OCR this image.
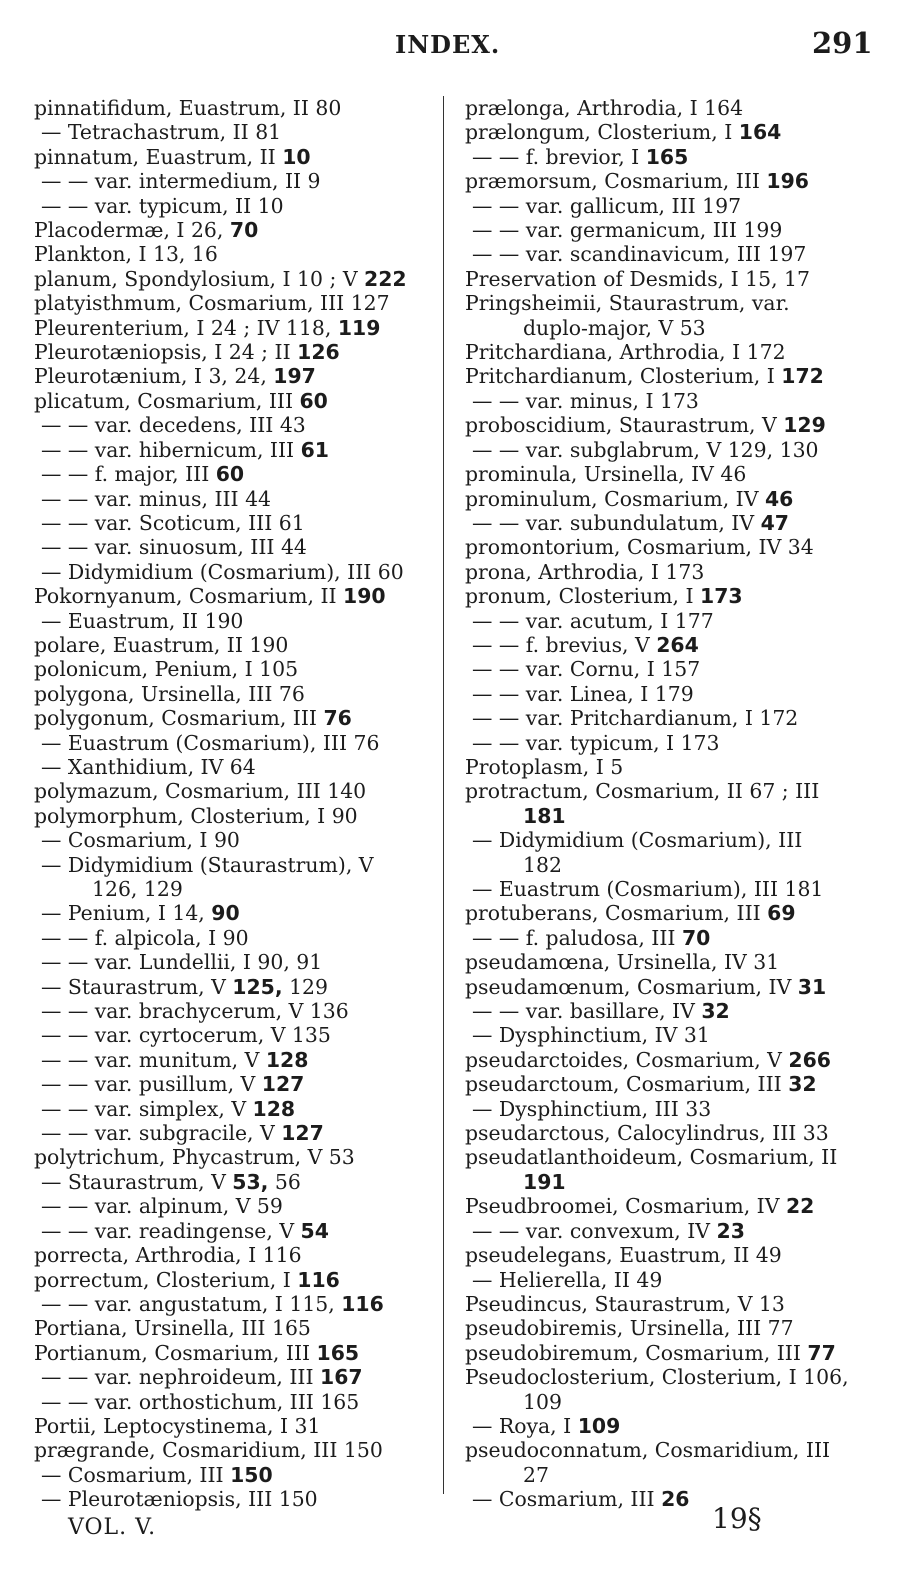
INDEX.	291
pinnatifidum, Euastrum, II 80
— Tetrachastrum, II 81
pinnatum, Euastrum, II 10
— — var. intermedium, II 9
— — var. typicum, II 10
Placodermæ, I 26, 70
Plankton, I 13, 16
planum, Spondylosium, I 10 ; V 222
platyisthmum, Cosmarium, III 127
Pleurenterium, I 24 ; IV 118, 119
Pleurotæniopsis, I 24 ; II 126
Pleurotænium, I 3, 24, 197
plicatum, Cosmarium, III 60
— — var. decedens, III 43
— — var. hibernicum, III 61
— — f. major, III 60
— — var. minus, III 44
— — var. Scoticum, III 61
— — var. sinuosum, III 44
— Didymidium (Cosmarium), III 60
Pokornyanum, Cosmarium, II 190
— Euastrum, II 190
polare, Euastrum, II 190
polonicum, Penium, I 105
polygona, Ursinella, III 76
polygonum, Cosmarium, III 76
— Euastrum (Cosmarium), III 76
— Xanthidium, IV 64
polymazum, Cosmarium, III 140
polymorphum, Closterium, I 90
— Cosmarium, I 90
— Didymidium (Staurastrum), V
126, 129
— Penium, I 14, 90
— — f. alpicola, I 90
— — var. Lundellii, I 90, 91
— Staurastrum, V 125, 129
— — var. brachycerum, V 136
— — var. cyrtocerum, V 135
— — var. munitum, V 128
— — var. pusillum, V 127
— — var. simplex, V 128
— — var. subgracile, V 127
polytrichum, Phycastrum, V 53
— Staurastrum, V 53, 56
— — var. alpinum, V 59
— — var. readingense, V 54
porrecta, Arthrodia, I 116
porrectum, Closterium, I 116
— — var. angustatum, I 115, 116
Portiana, Ursinella, III 165
Portianum, Cosmarium, III 165
— — var. nephroideum, III 167
— — var. orthostichum, III 165
Portii, Leptocystinema, I 31
prægrande, Cosmaridium, III 150
— Cosmarium, III 150
— Pleurotæniopsis, III 150
prælonga, Arthrodia, I 164
prælongum, Closterium, I 164
— — f. brevior, I 165
præmorsum, Cosmarium, III 196
— — var. gallicum, III 197
— — var. germanicum, III 199
— — var. scandinavicum, III 197
Preservation of Desmids, I 15, 17
Pringsheimii, Staurastrum, var.
duplo-major, V 53
Pritchardiana, Arthrodia, I 172
Pritchardianum, Closterium, I 172
— — var. minus, I 173
proboscidium, Staurastrum, V 129
— — var. subglabrum, V 129, 130
prominula, Ursinella, IV 46
prominulum, Cosmarium, IV 46
— — var. subundulatum, IV 47
promontorium, Cosmarium, IV 34
prona, Arthrodia, I 173
pronum, Closterium, I 173
— — var. acutum, I 177
— — f. brevius, V 264
— — var. Cornu, I 157
— — var. Linea, I 179
— — var. Pritchardianum, I 172
— — var. typicum, I 173
Protoplasm, I 5
protractum, Cosmarium, II 67 ; III
181
— Didymidium (Cosmarium), III
182
— Euastrum (Cosmarium), III 181
protuberans, Cosmarium, III 69
— — f. paludosa, III 70
pseudamœna, Ursinella, IV 31
pseudamœnum, Cosmarium, IV 31
— — var. basillare, IV 32
— Dysphinctium, IV 31
pseudarctoides, Cosmarium, V 266
pseudarctoum, Cosmarium, III 32
— Dysphinctium, III 33
pseudarctous, Calocylindrus, III 33
pseudatlanthoideum, Cosmarium, II
191
Pseudbroomei, Cosmarium, IV 22
— — var. convexum, IV 23
pseudelegans, Euastrum, II 49
— Helierella, II 49
Pseudincus, Staurastrum, V 13
pseudobiremis, Ursinella, III 77
pseudobiremum, Cosmarium, III 77
Pseudoclosterium, Closterium, I 106,
109
— Roya, I 109
pseudoconnatum, Cosmaridium, III
27
— Cosmarium, III 26
VOL. V.	19§
